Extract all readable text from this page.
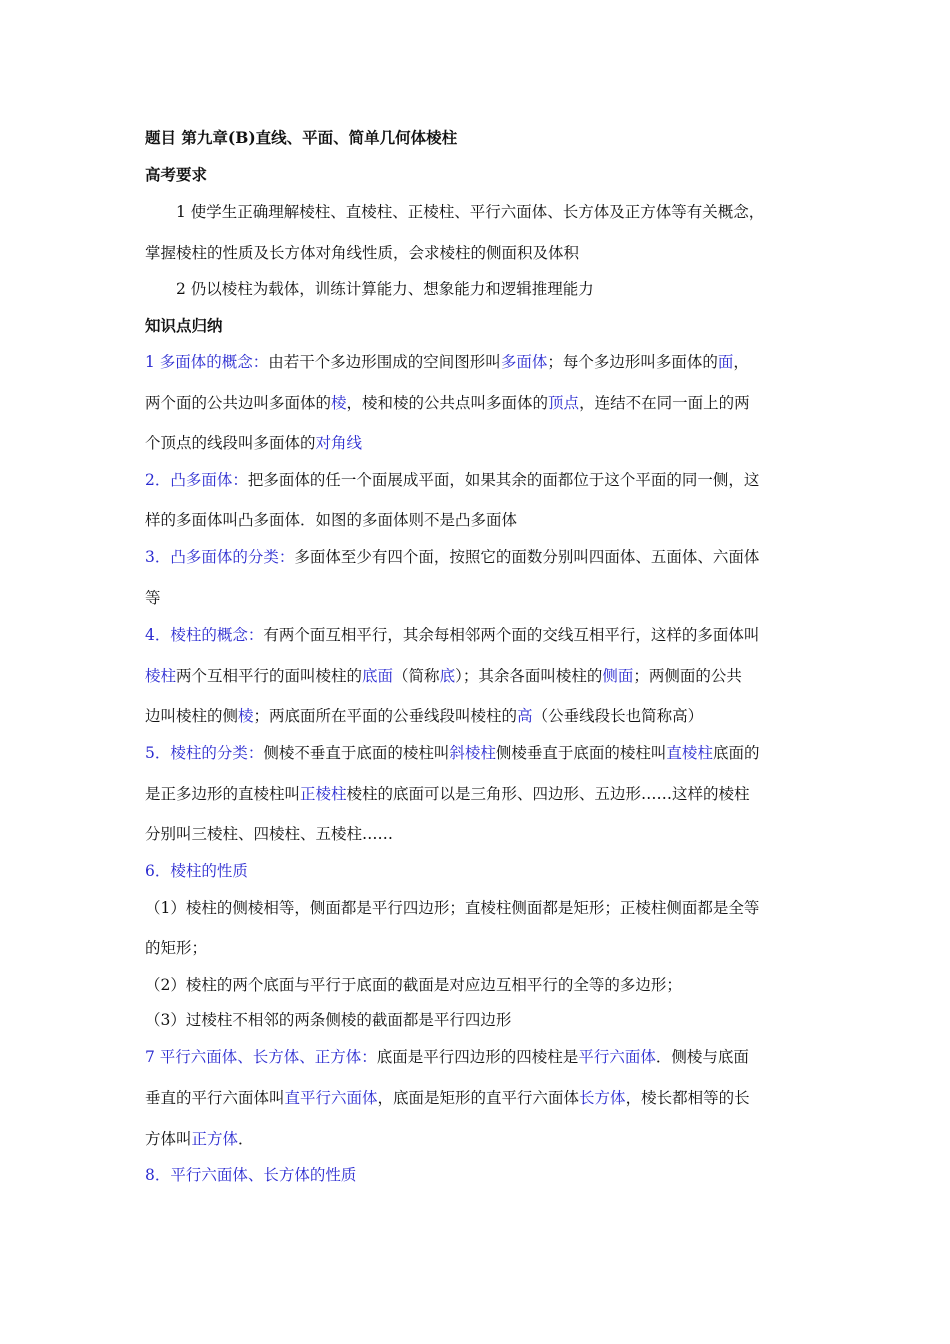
题目 第九章(B)直线、平面、简单几何体棱柱
高考要求
1 使学生正确理解棱柱、直棱柱、正棱柱、平行六面体、长方体及正方体等有关概念，
掌握棱柱的性质及长方体对角线性质，会求棱柱的侧面积及体积
2 仍以棱柱为载体，训练计算能力、想象能力和逻辑推理能力
知识点归纳
1 多面体的概念：由若干个多边形围成的空间图形叫多面体；每个多边形叫多面体的面，
两个面的公共边叫多面体的棱，棱和棱的公共点叫多面体的顶点，连结不在同一面上的两
个顶点的线段叫多面体的对角线
2．凸多面体：把多面体的任一个面展成平面，如果其余的面都位于这个平面的同一侧，这
样的多面体叫凸多面体．如图的多面体则不是凸多面体
3．凸多面体的分类：多面体至少有四个面，按照它的面数分别叫四面体、五面体、六面体
等
4．棱柱的概念：有两个面互相平行，其余每相邻两个面的交线互相平行，这样的多面体叫
棱柱两个互相平行的面叫棱柱的底面（简称底）；其余各面叫棱柱的侧面；两侧面的公共
边叫棱柱的侧棱；两底面所在平面的公垂线段叫棱柱的高（公垂线段长也简称高）
5．棱柱的分类：侧棱不垂直于底面的棱柱叫斜棱柱侧棱垂直于底面的棱柱叫直棱柱底面的
是正多边形的直棱柱叫正棱柱棱柱的底面可以是三角形、四边形、五边形……这样的棱柱
分别叫三棱柱、四棱柱、五棱柱……
6．棱柱的性质
（1）棱柱的侧棱相等，侧面都是平行四边形；直棱柱侧面都是矩形；正棱柱侧面都是全等
的矩形；
（2）棱柱的两个底面与平行于底面的截面是对应边互相平行的全等的多边形；
（3）过棱柱不相邻的两条侧棱的截面都是平行四边形
7 平行六面体、长方体、正方体：底面是平行四边形的四棱柱是平行六面体．侧棱与底面
垂直的平行六面体叫直平行六面体，底面是矩形的直平行六面体长方体，棱长都相等的长
方体叫正方体．
8．平行六面体、长方体的性质
